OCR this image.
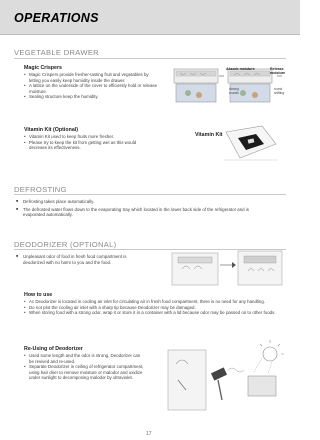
OPERATIONS
VEGETABLE DRAWER
Magic Crispers
• Magic Crispers provide fresher-tasting fruit and vegetables by letting you easily keep humidity inside the drawer.
• A lattice on the underside of the cover to efficiently hold or release moisture.
• Sealing structure keep the humidity.
Absorb moisture	Release moisture
closing rounds
round shifting
Vitamin Kit (Optional)
• Vitamin Kit used to keep fruits more fresher.
• Please try to keep the kit from getting wet as this would decrease its effectiveness.
Vitamin Kit
DEFROSTING
■ Defrosting takes place automatically.
■ The defrosted water flows down to the evaporating tray which located in the lower back side of the refrigerator and is evaporated automatically.
DEODORIZER (OPTIONAL)
■ Unpleasant odor of food in fresh food compartment is deodorized with no harm to you and the food.
How to use
• Ac Deodorizer is located in cooling air inlet for circulating air in fresh food compartment, there is no need for any handling.
• Do not plot the cooling air inlet with a sharp tip because Deodorizer may be damaged.
• When storing food with a strong odor, wrap it or store it in a container with a lid because odor may be passed on to other foods.
Re-Using of Deodorizer
• Used some length and the odor is strong, Deodorizer can be revived and re-used.
• Separate Deodorizer in ceiling of refrigerator compartment, using hair drier to remove moisture or malodor and oxidize under sunlight to decomposing malodor by ultraviolet.
17
